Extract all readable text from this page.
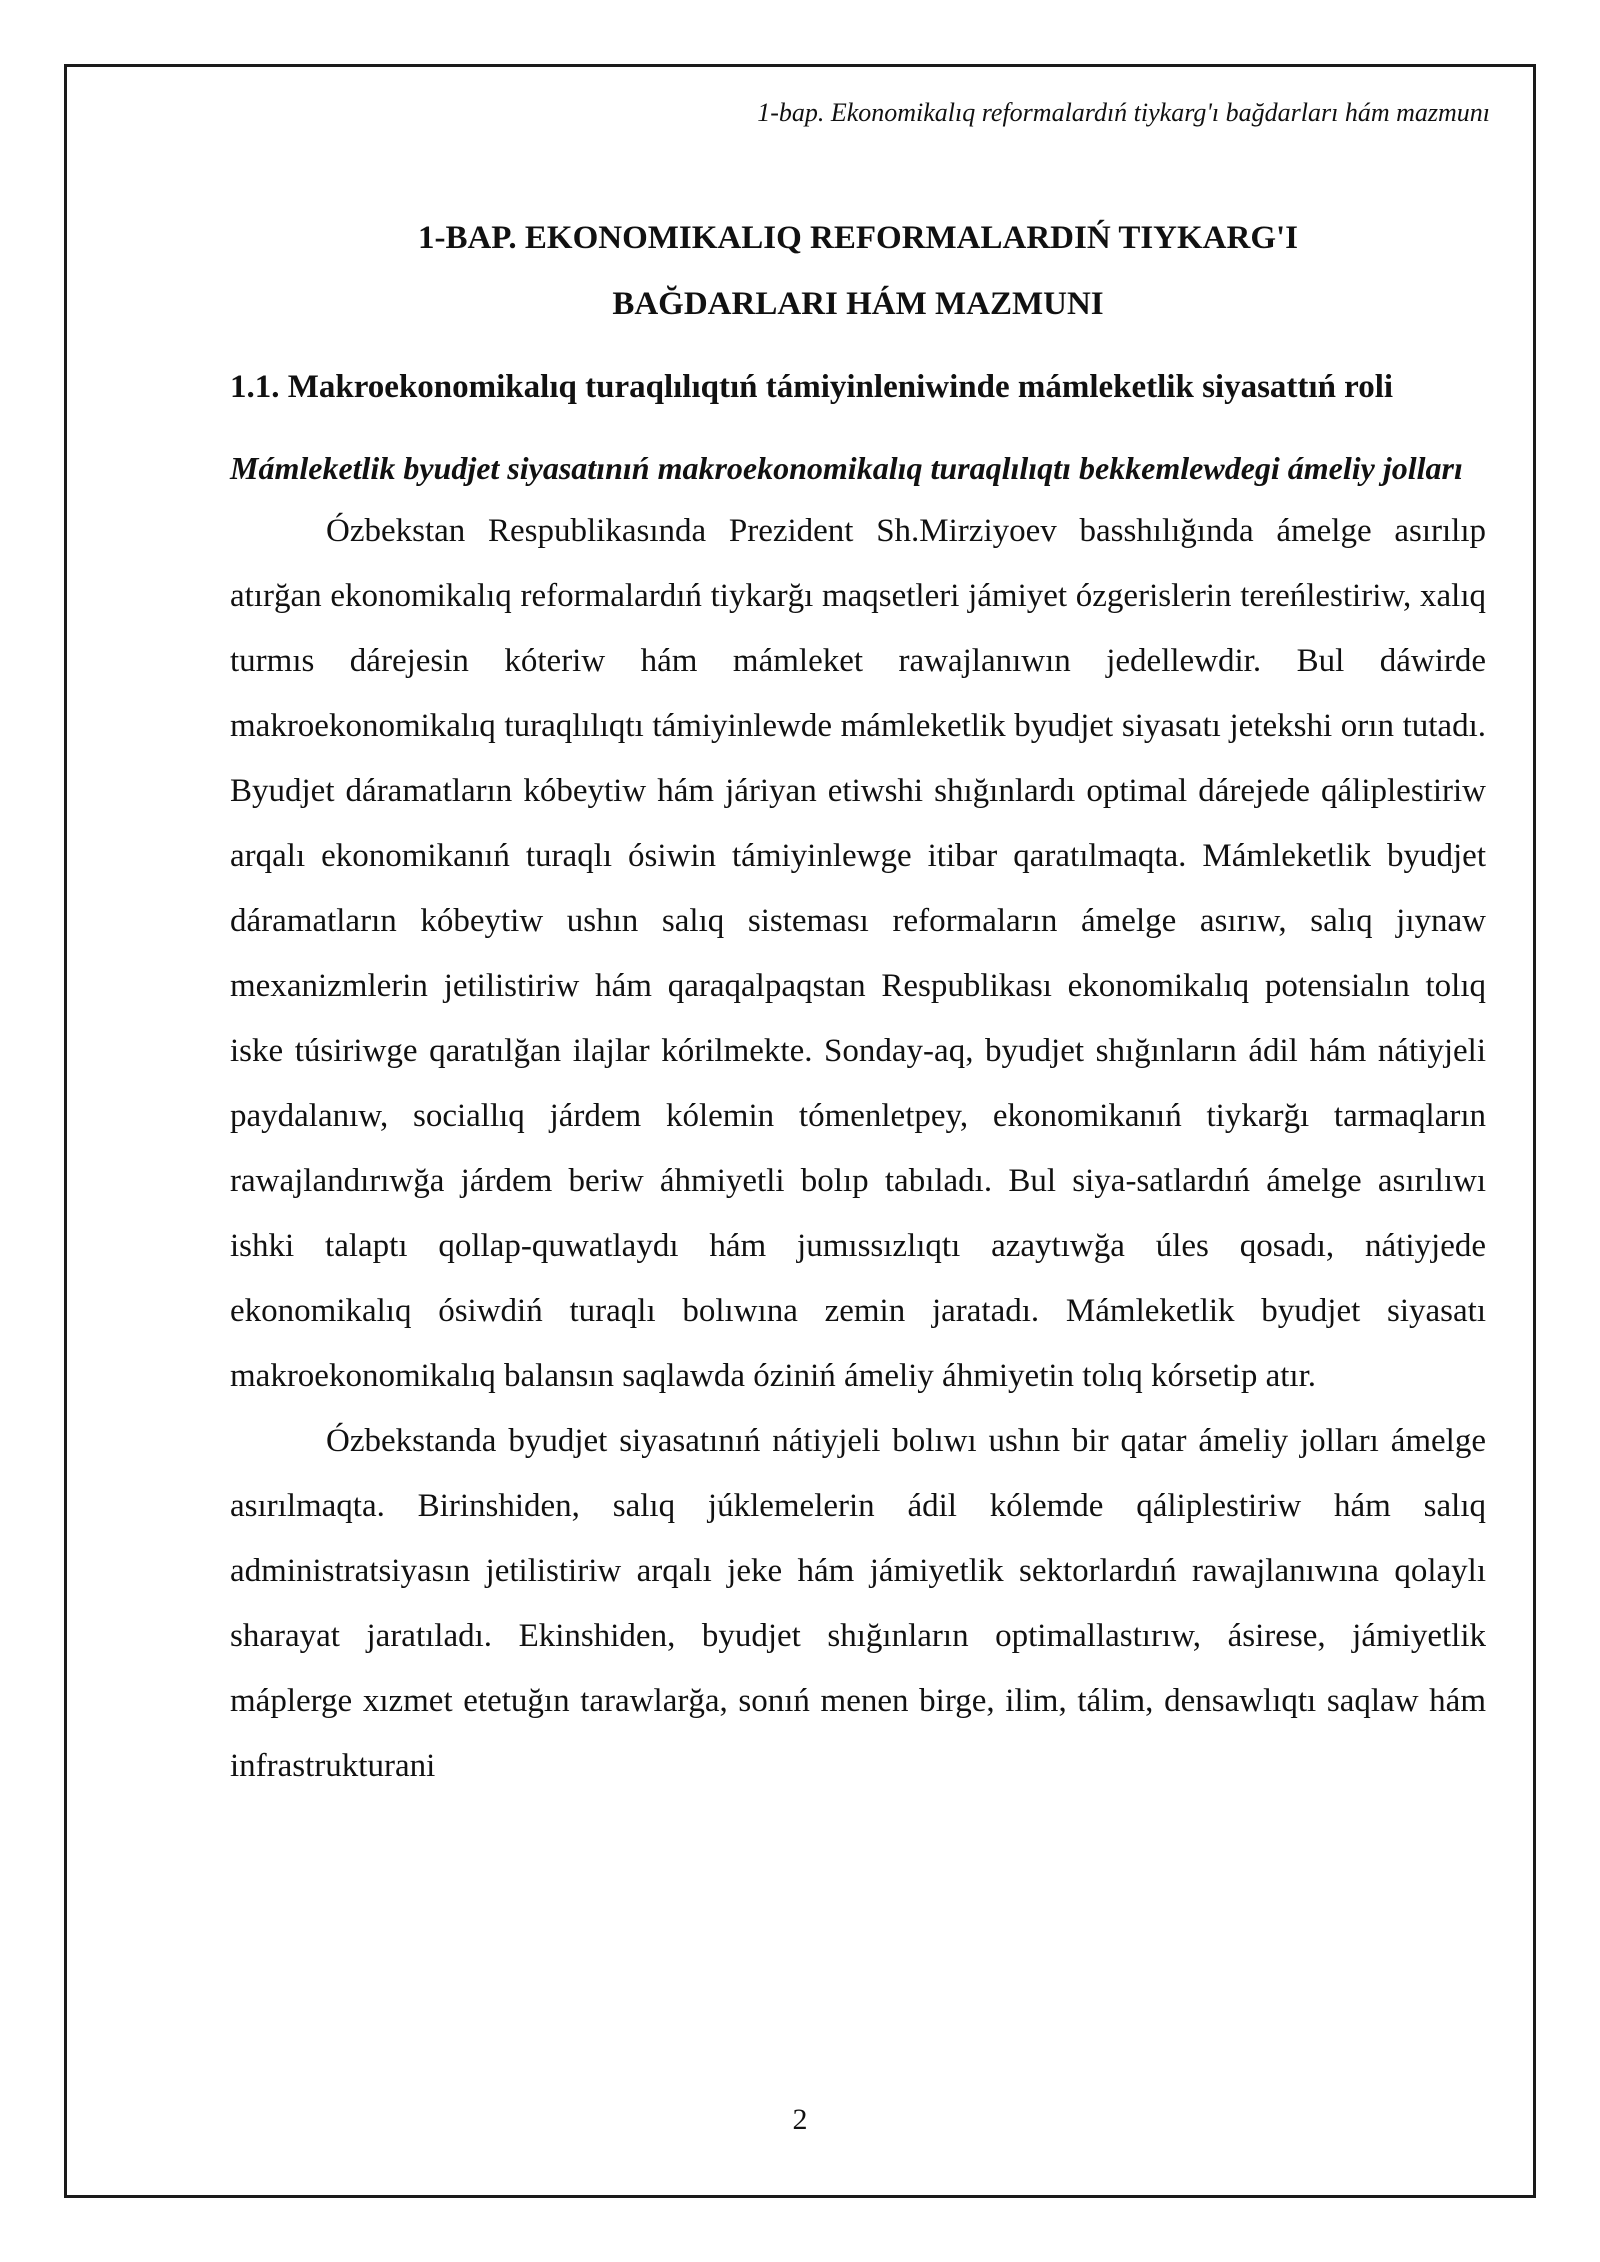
1-bap. Ekonomikalıq reformalardıń tiykarg'ı bağdarları hám mazmunı
1-BAP. EKONOMIKALIQ REFORMALARDIŃ TIYKARG'I
BAĞDARLARI HÁM MAZMUNI
1.1. Makroekonomikalıq turaqlılıqtıń támiyinleniwinde mámleketlik siyasattıń roli
Mámleketlik byudjet siyasatınıń makroekonomikalıq turaqlılıqtı bekkemlewdegi ámeliy jolları

Ózbekstan Respublikasında Prezident Sh.Mirziyoev basshılığında ámelge asırılıp atırğan ekonomikalıq reformalardıń tiykarğı maqsetleri jámiyet ózgerislerin tereńlestiriw, xalıq turmıs dárejesin kóteriw hám mámleket rawajlanıwın jedellewdir. Bul dáwirde makroekonomikalıq turaqlılıqtı támiyinlewde mámleketlik byudjet siyasatı jetekshi orın tutadı. Byudjet dáramatların kóbeytiw hám járiyan etiwshi shığınlardı optimal dárejede qáliplestiriw arqalı ekonomikanıń turaqlı ósiwin támiyinlewge itibar qaratılmaqta. Mámleketlik byudjet dáramatların kóbeytiw ushın salıq sisteması reformaların ámelge asırıw, salıq jıynaw mexanizmlerin jetilistiriw hám qaraqalpaqstan Respublikası ekonomikalıq potensialın tolıq iske túsiriwge qaratılğan ilajlar kórilmekte. Sonday-aq, byudjet shığınların ádil hám nátiyjeli paydalanıw, sociallıq járdem kólemin tómenletpey, ekonomikanıń tiykarğı tarmaqların rawajlandırıwğa járdem beriw áhmiyetli bolıp tabıladı. Bul siya-satlardıń ámelge asırılıwı ishki talaptı qollap-quwatlaydı hám jumıssızlıqtı azaytıwğa úles qosadı, nátiyjede ekonomikalıq ósiwdiń turaqlı bolıwına zemin jaratadı. Mámleketlik byudjet siyasatı makroekonomikalıq balansın saqlawda óziniń ámeliy áhmiyetin tolıq kórsetip atır.

Ózbekstanda byudjet siyasatınıń nátiyjeli bolıwı ushın bir qatar ámeliy jolları ámelge asırılmaqta. Birinshiden, salıq júklemelerin ádil kólemde qáliplestiriw hám salıq administratsiyasın jetilistiriw arqalı jeke hám jámiyetlik sektorlardıń rawajlanıwına qolaylı sharayat jaratıladı. Ekinshiden, byudjet shığınların optimallastırıw, ásirese, jámiyetlik máplerge xızmet etetuğın tarawlarğa, sonıń menen birge, ilim, tálim, densawlıqtı saqlaw hám infrastrukturani

2
